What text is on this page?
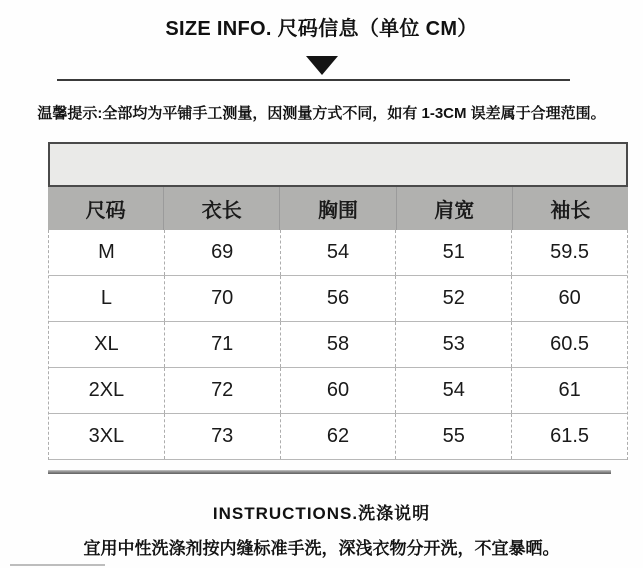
SIZE INFO. 尺码信息（单位 CM）
温馨提示:全部均为平铺手工测量，因测量方式不同，如有 1-3CM 误差属于合理范围。
尺码	衣长	胸围	肩宽	袖长
M	69	54	51	59.5
L	70	56	52	60
XL	71	58	53	60.5
2XL	72	60	54	61
3XL	73	62	55	61.5
INSTRUCTIONS.洗涤说明
宜用中性洗涤剂按内缝标准手洗，深浅衣物分开洗，不宜暴晒。
